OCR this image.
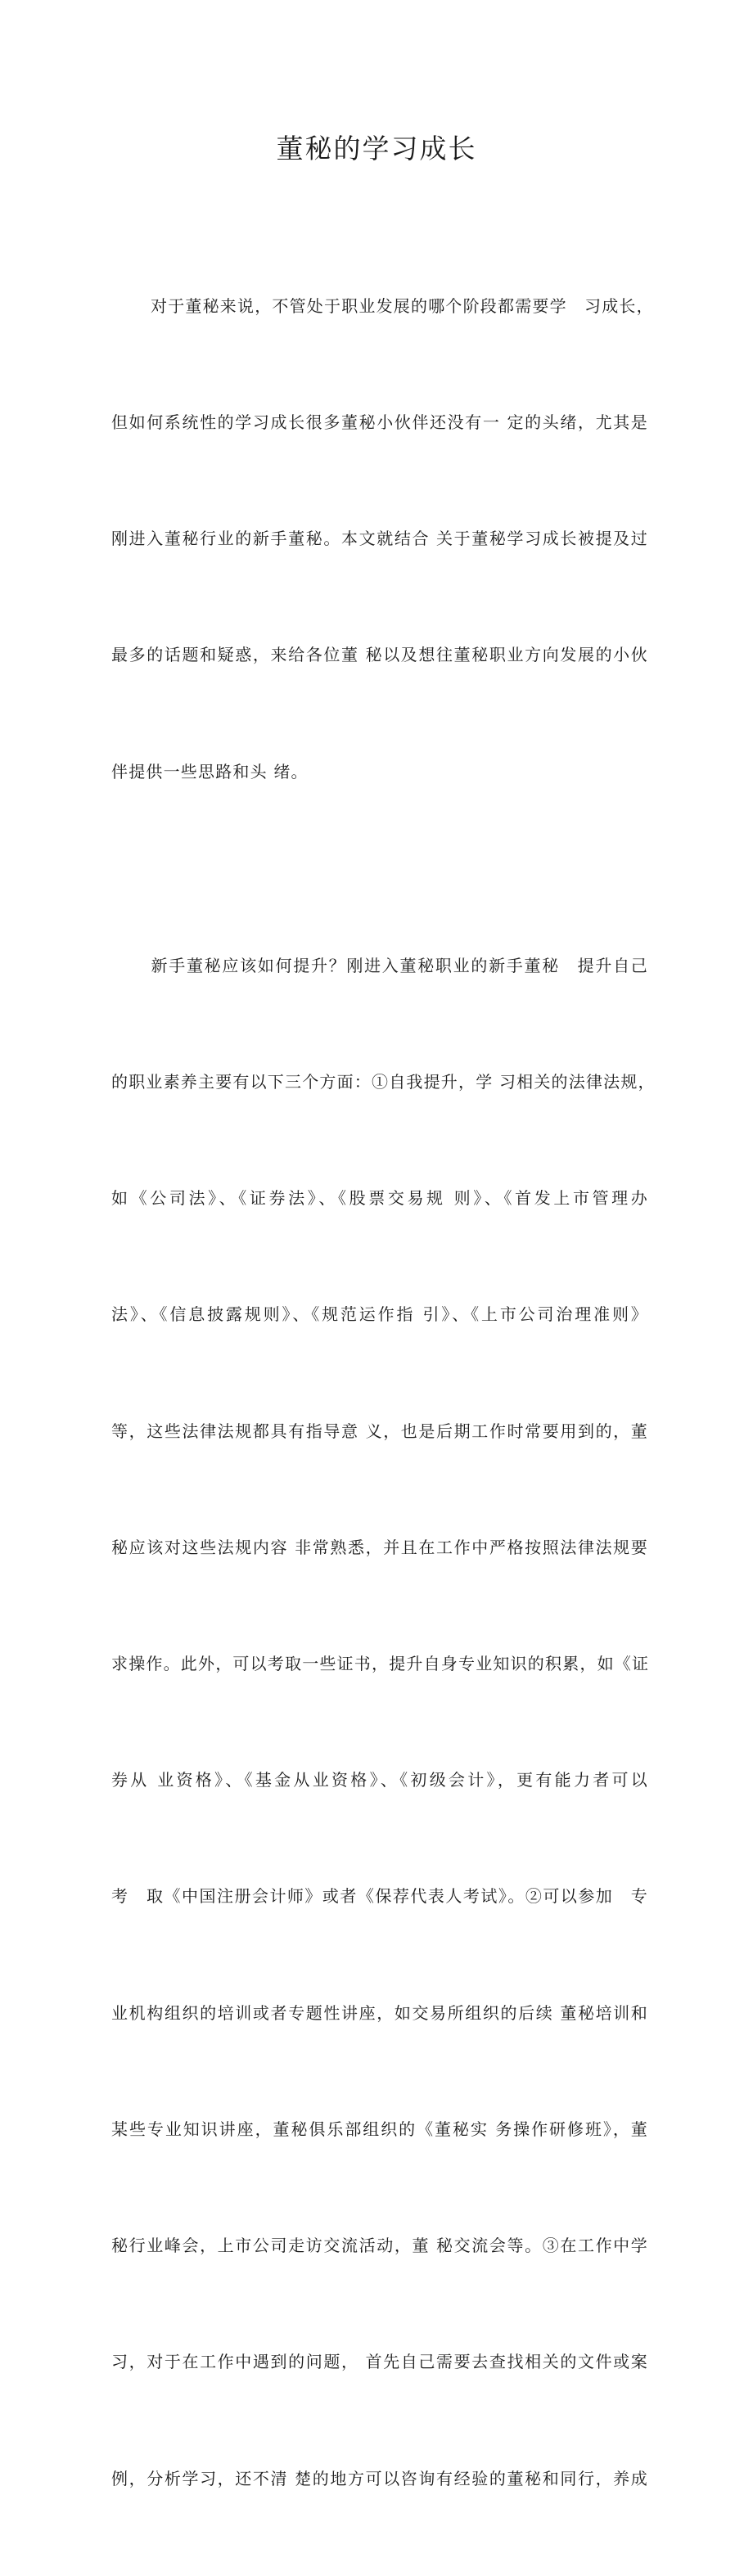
董秘的学习成长

对于董秘来说，不管处于职业发展的哪个阶段都需要学　习成长，

但如何系统性的学习成长很多董秘小伙伴还没有一 定的头绪，尤其是

刚进入董秘行业的新手董秘。本文就结合 关于董秘学习成长被提及过

最多的话题和疑惑，来给各位董 秘以及想往董秘职业方向发展的小伙

伴提供一些思路和头 绪。

新手董秘应该如何提升？刚进入董秘职业的新手董秘　提升自己

的职业素养主要有以下三个方面：①自我提升，学 习相关的法律法规，

如《公司法》、《证券法》、《股票交易规 则》、《首发上市管理办

法》、《信息披露规则》、《规范运作指 引》、《上市公司治理准则》

等，这些法律法规都具有指导意 义，也是后期工作时常要用到的，董

秘应该对这些法规内容 非常熟悉，并且在工作中严格按照法律法规要

求操作。此外，可以考取一些证书，提升自身专业知识的积累，如《证

券从 业资格》、《基金从业资格》、《初级会计》，更有能力者可以

考　取《中国注册会计师》或者《保荐代表人考试》。②可以参加　专

业机构组织的培训或者专题性讲座，如交易所组织的后续 董秘培训和

某些专业知识讲座，董秘俱乐部组织的《董秘实 务操作研修班》，董

秘行业峰会，上市公司走访交流活动，董 秘交流会等。③在工作中学

习，对于在工作中遇到的问题， 首先自己需要去查找相关的文件或案

例，分析学习，还不清 楚的地方可以咨询有经验的董秘和同行，养成
